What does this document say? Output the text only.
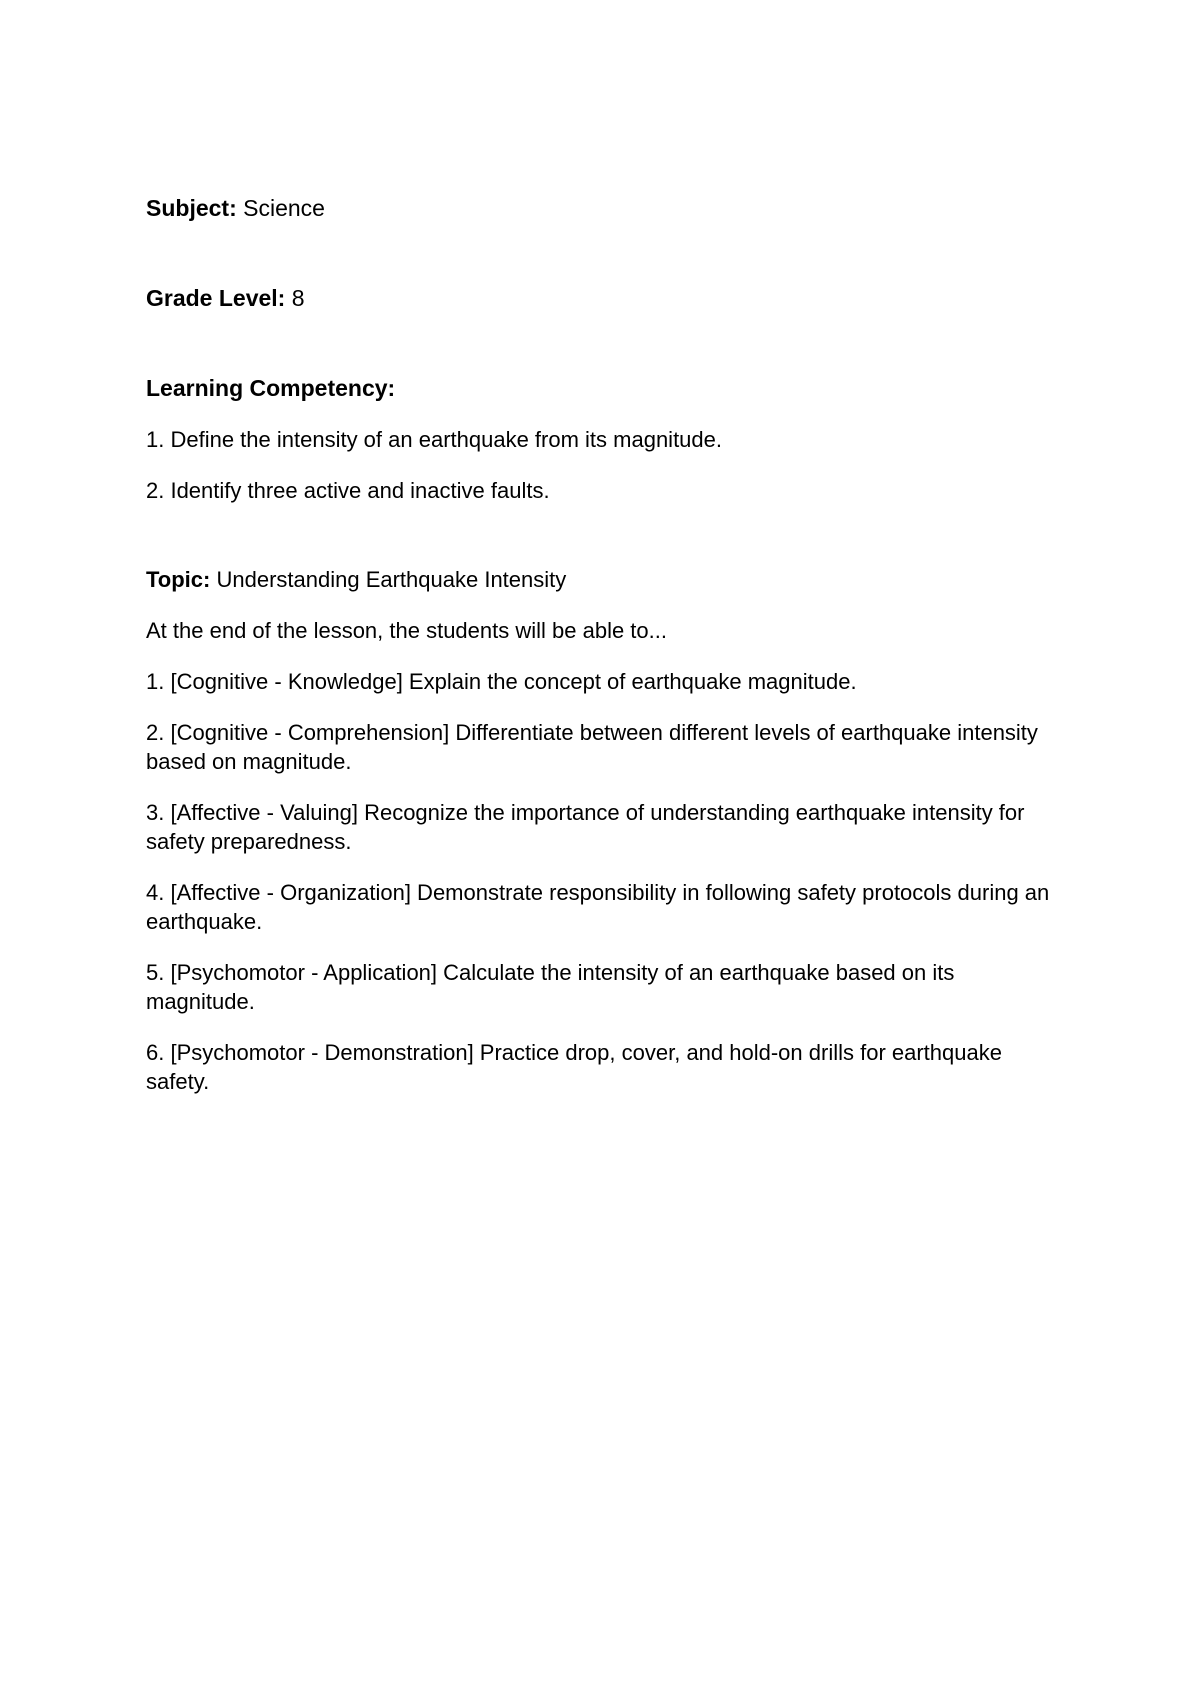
Subject: Science

Grade Level: 8

Learning Competency:

1. Define the intensity of an earthquake from its magnitude.
2. Identify three active and inactive faults.

Topic: Understanding Earthquake Intensity

At the end of the lesson, the students will be able to...

1. [Cognitive - Knowledge] Explain the concept of earthquake magnitude.
2. [Cognitive - Comprehension] Differentiate between different levels of earthquake intensity based on magnitude.
3. [Affective - Valuing] Recognize the importance of understanding earthquake intensity for safety preparedness.
4. [Affective - Organization] Demonstrate responsibility in following safety protocols during an earthquake.
5. [Psychomotor - Application] Calculate the intensity of an earthquake based on its magnitude.
6. [Psychomotor - Demonstration] Practice drop, cover, and hold-on drills for earthquake safety.
